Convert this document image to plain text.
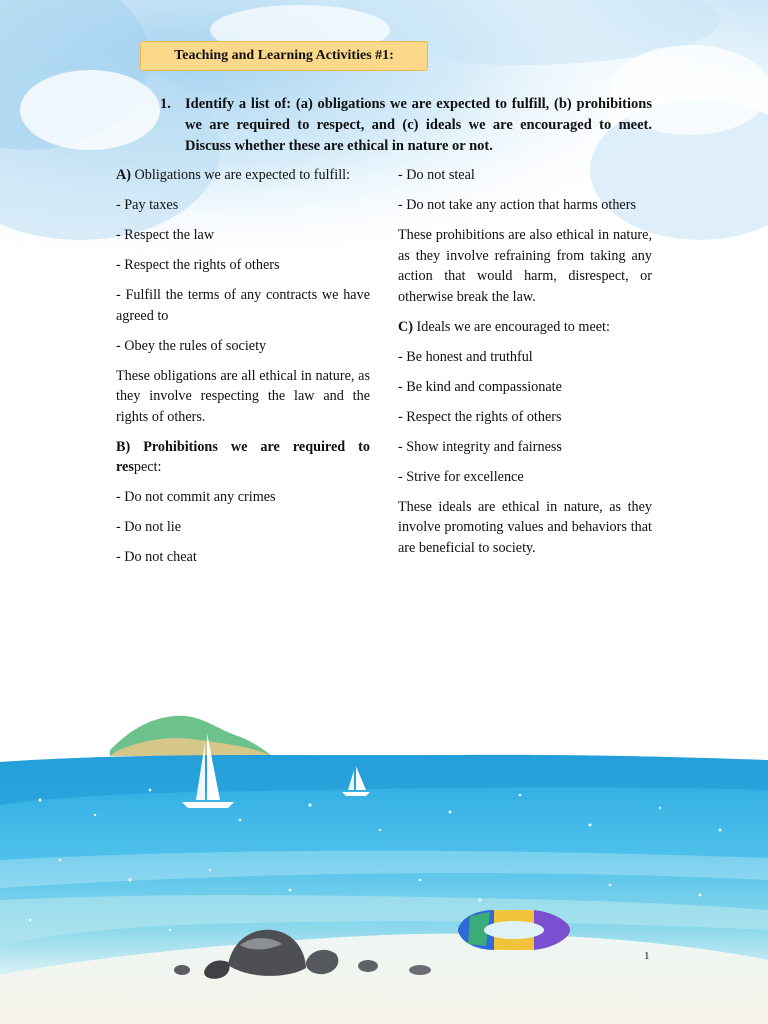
Teaching and Learning Activities #1:
1. Identify a list of: (a) obligations we are expected to fulfill, (b) prohibitions we are required to respect, and (c) ideals we are encouraged to meet. Discuss whether these are ethical in nature or not.

A) Obligations we are expected to fulfill:

- Pay taxes

- Respect the law

- Respect the rights of others

- Fulfill the terms of any contracts we have agreed to

- Obey the rules of society

These obligations are all ethical in nature, as they involve respecting the law and the rights of others.

B) Prohibitions we are required to respect:

- Do not commit any crimes

- Do not lie

- Do not cheat

- Do not steal

- Do not take any action that harms others

These prohibitions are also ethical in nature, as they involve refraining from taking any action that would harm, disrespect, or otherwise break the law.

C) Ideals we are encouraged to meet:

- Be honest and truthful

- Be kind and compassionate

- Respect the rights of others

- Show integrity and fairness

- Strive for excellence

These ideals are ethical in nature, as they involve promoting values and behaviors that are beneficial to society.

1
